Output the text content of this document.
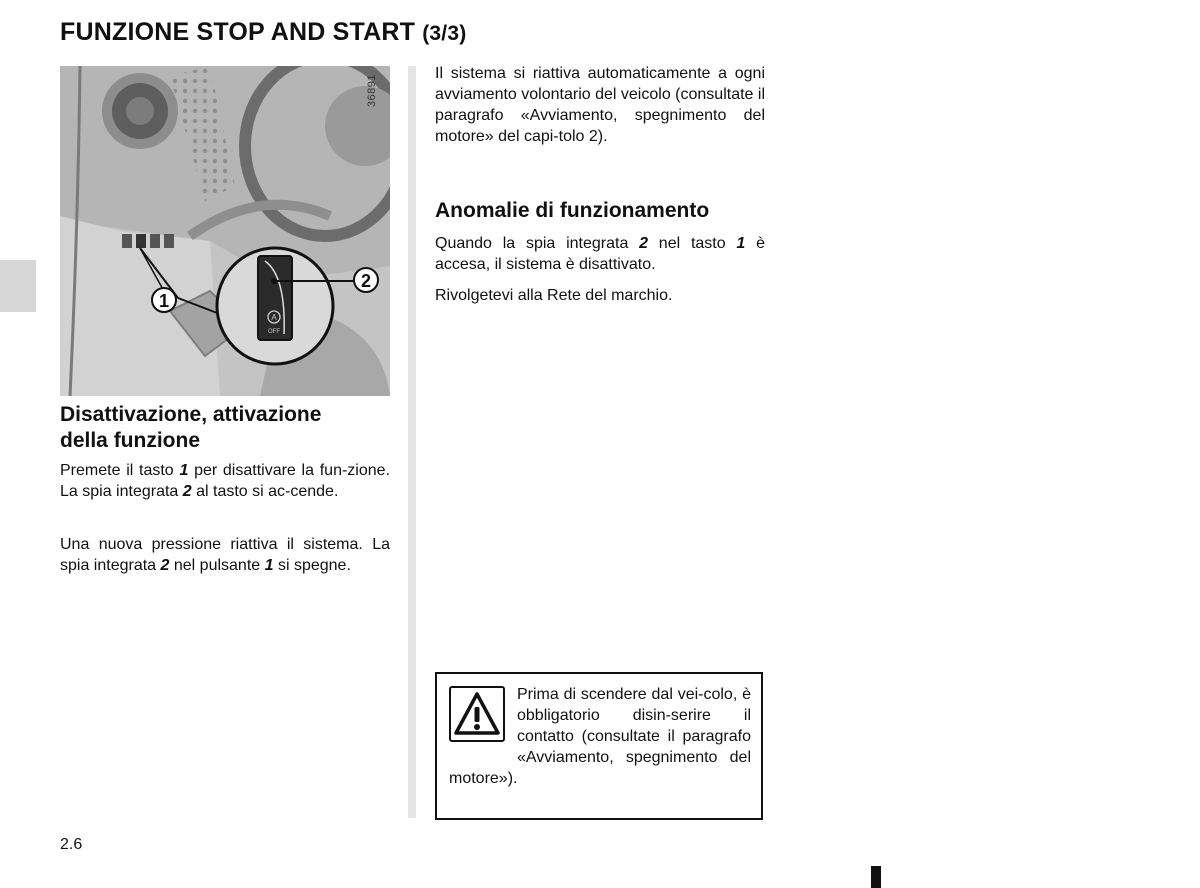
FUNZIONE STOP AND START (3/3)
A
OFF
2
1
36891
Disattivazione, attivazione
della funzione
Premete il tasto 1 per disattivare la fun-zione. La spia integrata 2 al tasto si ac-cende.
Una nuova pressione riattiva il sistema. La spia integrata 2 nel pulsante 1 si spegne.
Il sistema si riattiva automaticamente a ogni avviamento volontario del veicolo (consultate il paragrafo «Avviamento, spegnimento del motore» del capi-tolo 2).
Anomalie di funzionamento
Quando la spia integrata 2 nel tasto 1 è accesa, il sistema è disattivato.
Rivolgetevi alla Rete del marchio.
Prima di scendere dal vei-colo, è obbligatorio disin-serire il contatto (consultate il paragrafo «Avviamento, spegnimento del motore»).
2.6
